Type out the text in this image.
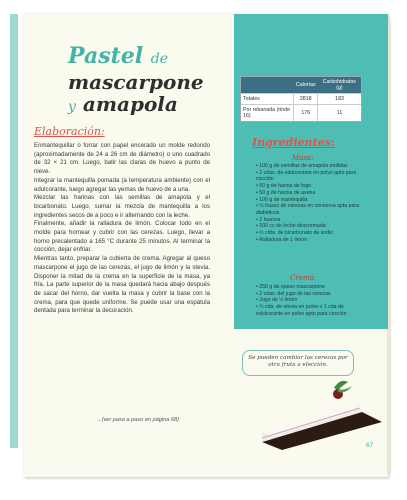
Pastel de
mascarpone
y amapola
	Calorías	Carbohidratos (g)
Totales	2818	183
Por rebanada (rinde 16)	176	11
Elaboración:

Enmantequillar o forrar con papel encerado un molde redondo (aproximadamente de 24 a 26 cm de diámetro) o uno cuadrado de 32 × 21 cm. Luego, batir las claras de huevo a punto de nieve.

Integrar la mantequilla pomada (a temperatura ambiente) con el edulcorante, luego agregar las yemas de huevo de a una.

Mezclar las harinas con las semillas de amapola y el bicarbonato. Luego, sumar la mezcla de mantequilla a los ingredientes secos de a poco e ir alternando con la leche.

Finalmente, añadir la ralladura de limón. Colocar todo en el molde para hornear y cubrir con las cerezas. Luego, llevar a horno precalentado a 165 °C durante 25 minutos. Al terminar la cocción, dejar enfriar.

Mientras tanto, preparar la cubierta de crema. Agregar al queso mascarpone el jugo de las cerezas, el jugo de limón y la stevia. Disponer la mitad de la crema en la superficie de la masa, ya fría. La parte superior de la masa quedará hacia abajo después de sacar del horno, dar vuelta la masa y cubrir la base con la crema, para que quede uniforme. Se puede usar una espátula dentada para terminar la decoración.

→(ver paso a paso en página 68)
Ingredientes:
Masa:
• 100 g de semillas de amapola molidas
• 2 cdas. de edulcorante en polvo apto para cocción
• 50 g de harina de trigo
• 50 g de harina de avena
• 100 g de mantequilla
• ½ frasco de cerezas en conserva apta para diabéticos
• 2 huevos
• 100 cc de leche descremada
• ½ cdta. de bicarbonato de sodio
• Ralladura de 1 limón
Crema:
• 250 g de queso mascarpone
• 2 cdas. del jugo de las cerezas
• Jugo de ½ limón
• ¼ cda. de stevia en polvo o 1 cda de edulcorante en polvo apto para cocción
Se pueden cambiar las cerezas por otra fruta a elección.
67
